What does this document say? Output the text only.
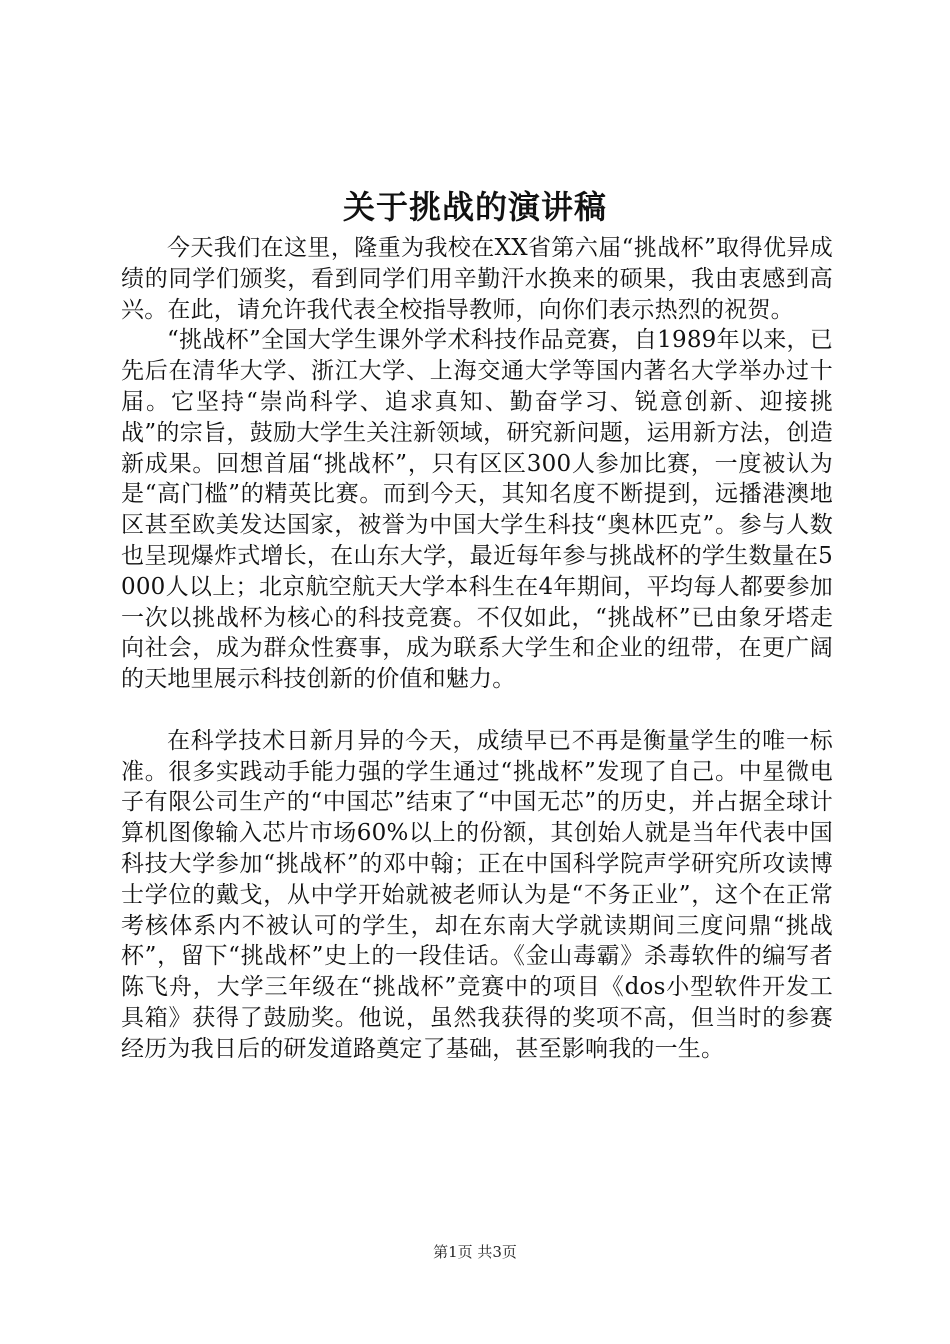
关于挑战的演讲稿

今天我们在这里，隆重为我校在XX省第六届“挑战杯”取得优异成绩的同学们颁奖，看到同学们用辛勤汗水换来的硕果，我由衷感到高兴。在此，请允许我代表全校指导教师，向你们表示热烈的祝贺。

“挑战杯”全国大学生课外学术科技作品竞赛，自1989年以来，已先后在清华大学、浙江大学、上海交通大学等国内著名大学举办过十届。它坚持“崇尚科学、追求真知、勤奋学习、锐意创新、迎接挑战”的宗旨，鼓励大学生关注新领域，研究新问题，运用新方法，创造新成果。回想首届“挑战杯”，只有区区300人参加比赛，一度被认为是“高门槛”的精英比赛。而到今天，其知名度不断提到，远播港澳地区甚至欧美发达国家，被誉为中国大学生科技“奥林匹克”。参与人数也呈现爆炸式增长，在山东大学，最近每年参与挑战杯的学生数量在5000人以上；北京航空航天大学本科生在4年期间，平均每人都要参加一次以挑战杯为核心的科技竞赛。不仅如此，“挑战杯”已由象牙塔走向社会，成为群众性赛事，成为联系大学生和企业的纽带，在更广阔的天地里展示科技创新的价值和魅力。

在科学技术日新月异的今天，成绩早已不再是衡量学生的唯一标准。很多实践动手能力强的学生通过“挑战杯”发现了自己。中星微电子有限公司生产的“中国芯”结束了“中国无芯”的历史，并占据全球计算机图像输入芯片市场60%以上的份额，其创始人就是当年代表中国科技大学参加“挑战杯”的邓中翰；正在中国科学院声学研究所攻读博士学位的戴戈，从中学开始就被老师认为是“不务正业”，这个在正常考核体系内不被认可的学生，却在东南大学就读期间三度问鼎“挑战杯”，留下“挑战杯”史上的一段佳话。《金山毒霸》杀毒软件的编写者陈飞舟，大学三年级在“挑战杯”竞赛中的项目《dos小型软件开发工具箱》获得了鼓励奖。他说，虽然我获得的奖项不高，但当时的参赛经历为我日后的研发道路奠定了基础，甚至影响我的一生。

第1页 共3页
